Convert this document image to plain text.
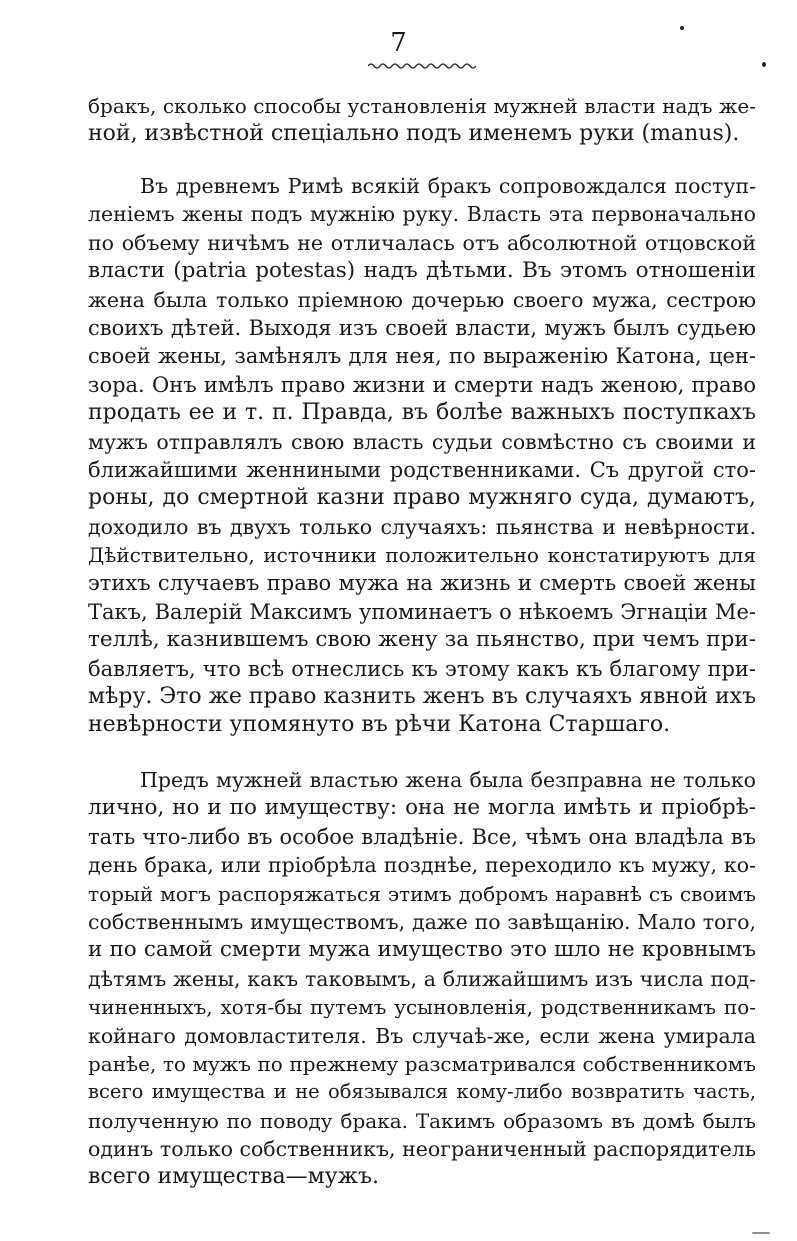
7
бракъ, сколько способы установленія мужней власти надъ же-
ной, извѣстной спеціально подъ именемъ руки (manus).
Въ древнемъ Римѣ всякій бракъ сопровождался поступ-
леніемъ жены подъ мужнію руку. Власть эта первоначально
по объему ничѣмъ не отличалась отъ абсолютной отцовской
власти (patria potestas) надъ дѣтьми. Въ этомъ отношеніи
жена была только пріемною дочерью своего мужа, сестрою
своихъ дѣтей. Выходя изъ своей власти, мужъ былъ судьею
своей жены, замѣнялъ для нея, по выраженію Катона, цен-
зора. Онъ имѣлъ право жизни и смерти надъ женою, право
продать ее и т. п. Правда, въ болѣе важныхъ поступкахъ
мужъ отправлялъ свою власть судьи совмѣстно съ своими и
ближайшими женниными родственниками. Съ другой сто-
роны, до смертной казни право мужняго суда, думаютъ,
доходило въ двухъ только случаяхъ: пьянства и невѣрности.
Дѣйствительно, источники положительно констатируютъ для
этихъ случаевъ право мужа на жизнь и смерть своей жены
Такъ, Валерій Максимъ упоминаетъ о нѣкоемъ Эгнаціи Ме-
теллѣ, казнившемъ свою жену за пьянство, при чемъ при-
бавляетъ, что всѣ отнеслись къ этому какъ къ благому при-
мѣру. Это же право казнить женъ въ случаяхъ явной ихъ
невѣрности упомянуто въ рѣчи Катона Старшаго.
Предъ мужней властью жена была безправна не только
лично, но и по имуществу: она не могла имѣть и пріобрѣ-
тать что-либо въ особое владѣніе. Все, чѣмъ она владѣла въ
день брака, или пріобрѣла позднѣе, переходило къ мужу, ко-
торый могъ распоряжаться этимъ добромъ наравнѣ съ своимъ
собственнымъ имуществомъ, даже по завѣщанію. Мало того,
и по самой смерти мужа имущество это шло не кровнымъ
дѣтямъ жены, какъ таковымъ, а ближайшимъ изъ числа под-
чиненныхъ, хотя-бы путемъ усыновленія, родственникамъ по-
койнаго домовластителя. Въ случаѣ-же, если жена умирала
ранѣе, то мужъ по прежнему разсматривался собственникомъ
всего имущества и не обязывался кому-либо возвратить часть,
полученную по поводу брака. Такимъ образомъ въ домѣ былъ
одинъ только собственникъ, неограниченный распорядитель
всего имущества—мужъ.
